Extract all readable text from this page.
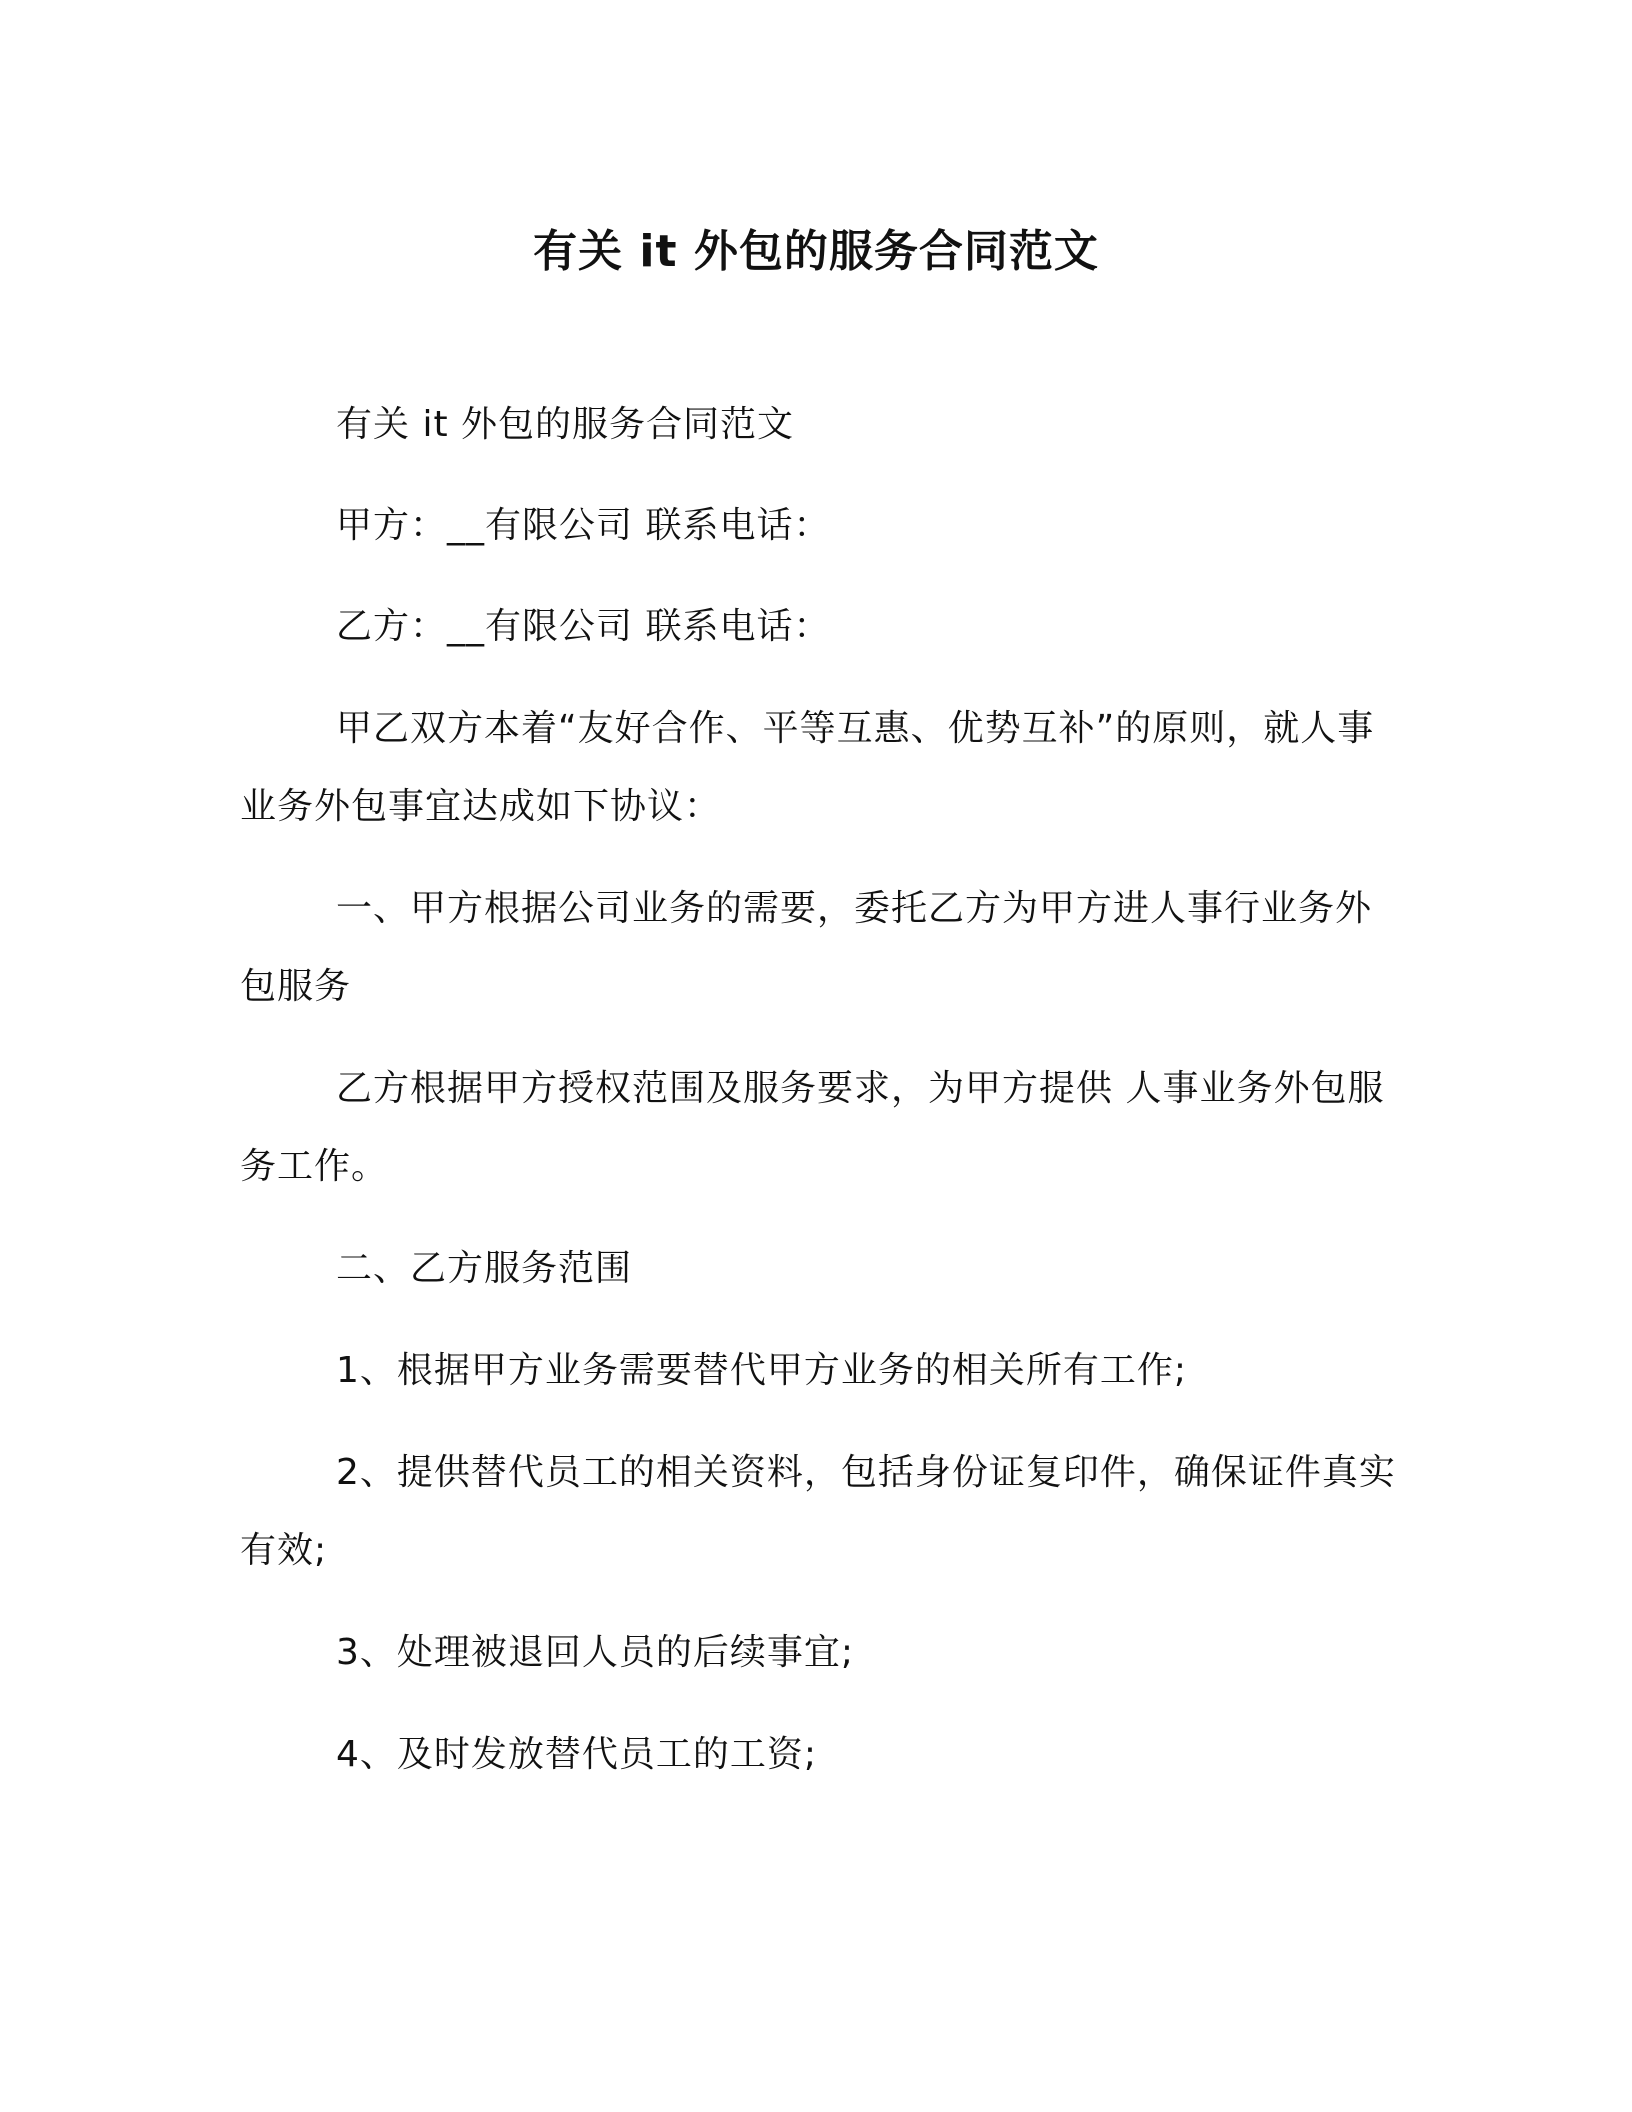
有关 it 外包的服务合同范文

有关 it 外包的服务合同范文

甲方：__有限公司 联系电话：

乙方：__有限公司 联系电话：

甲乙双方本着“友好合作、平等互惠、优势互补”的原则，就人事业务外包事宜达成如下协议：

一、甲方根据公司业务的需要，委托乙方为甲方进人事行业务外包服务

乙方根据甲方授权范围及服务要求，为甲方提供 人事业务外包服务工作。

二、乙方服务范围

1、根据甲方业务需要替代甲方业务的相关所有工作;

2、提供替代员工的相关资料，包括身份证复印件，确保证件真实有效;

3、处理被退回人员的后续事宜;

4、及时发放替代员工的工资;
